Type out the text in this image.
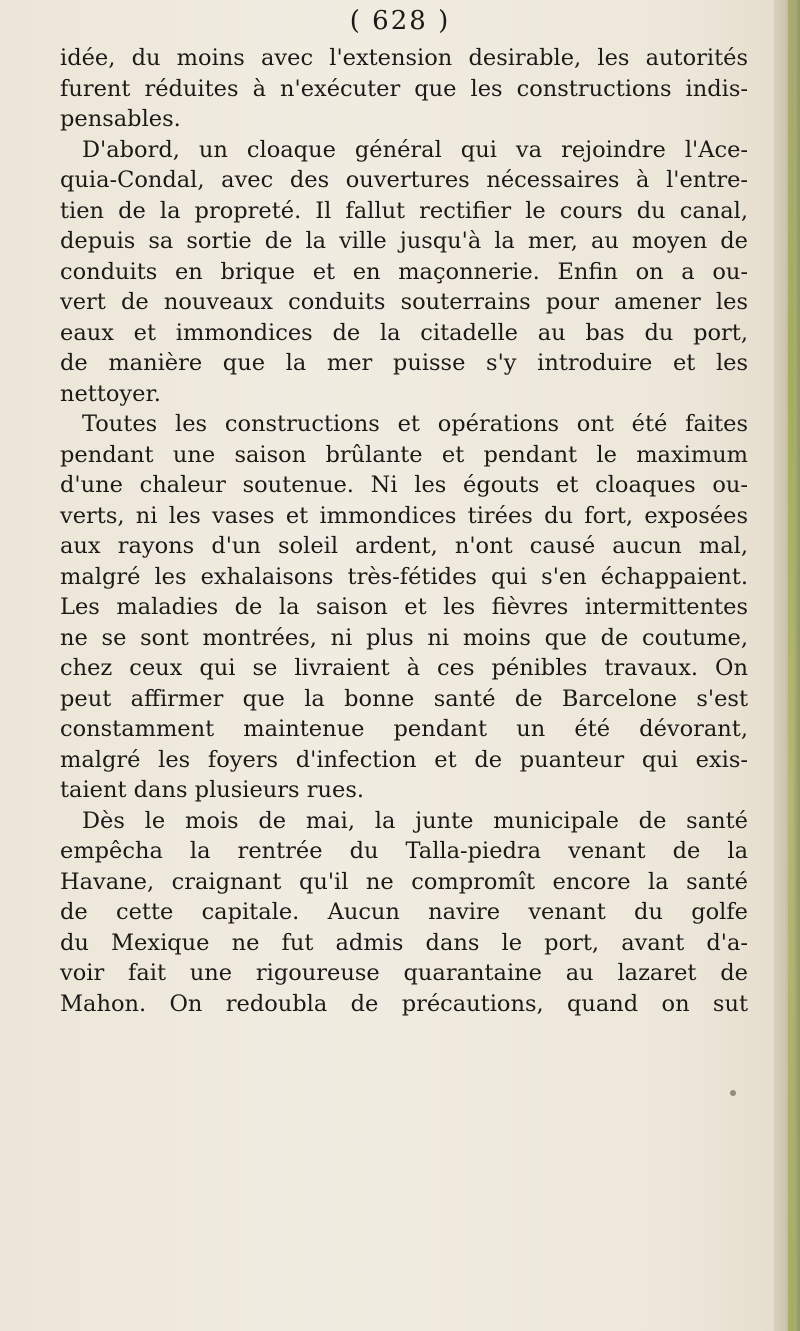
( 628 )
idée, du moins avec l'extension desirable, les autorités
furent réduites à n'exécuter que les constructions indis-
pensables.
D'abord, un cloaque général qui va rejoindre l'Ace-
quia-Condal, avec des ouvertures nécessaires à l'entre-
tien de la propreté. Il fallut rectifier le cours du canal,
depuis sa sortie de la ville jusqu'à la mer, au moyen de
conduits en brique et en maçonnerie. Enfin on a ou-
vert de nouveaux conduits souterrains pour amener les
eaux et immondices de la citadelle au bas du port,
de manière que la mer puisse s'y introduire et les
nettoyer.
Toutes les constructions et opérations ont été faites
pendant une saison brûlante et pendant le maximum
d'une chaleur soutenue. Ni les égouts et cloaques ou-
verts, ni les vases et immondices tirées du fort, exposées
aux rayons d'un soleil ardent, n'ont causé aucun mal,
malgré les exhalaisons très-fétides qui s'en échappaient.
Les maladies de la saison et les fièvres intermittentes
ne se sont montrées, ni plus ni moins que de coutume,
chez ceux qui se livraient à ces pénibles travaux. On
peut affirmer que la bonne santé de Barcelone s'est
constamment maintenue pendant un été dévorant,
malgré les foyers d'infection et de puanteur qui exis-
taient dans plusieurs rues.
Dès le mois de mai, la junte municipale de santé
empêcha la rentrée du Talla-piedra venant de la
Havane, craignant qu'il ne compromît encore la santé
de cette capitale. Aucun navire venant du golfe
du Mexique ne fut admis dans le port, avant d'a-
voir fait une rigoureuse quarantaine au lazaret de
Mahon. On redoubla de précautions, quand on sut
